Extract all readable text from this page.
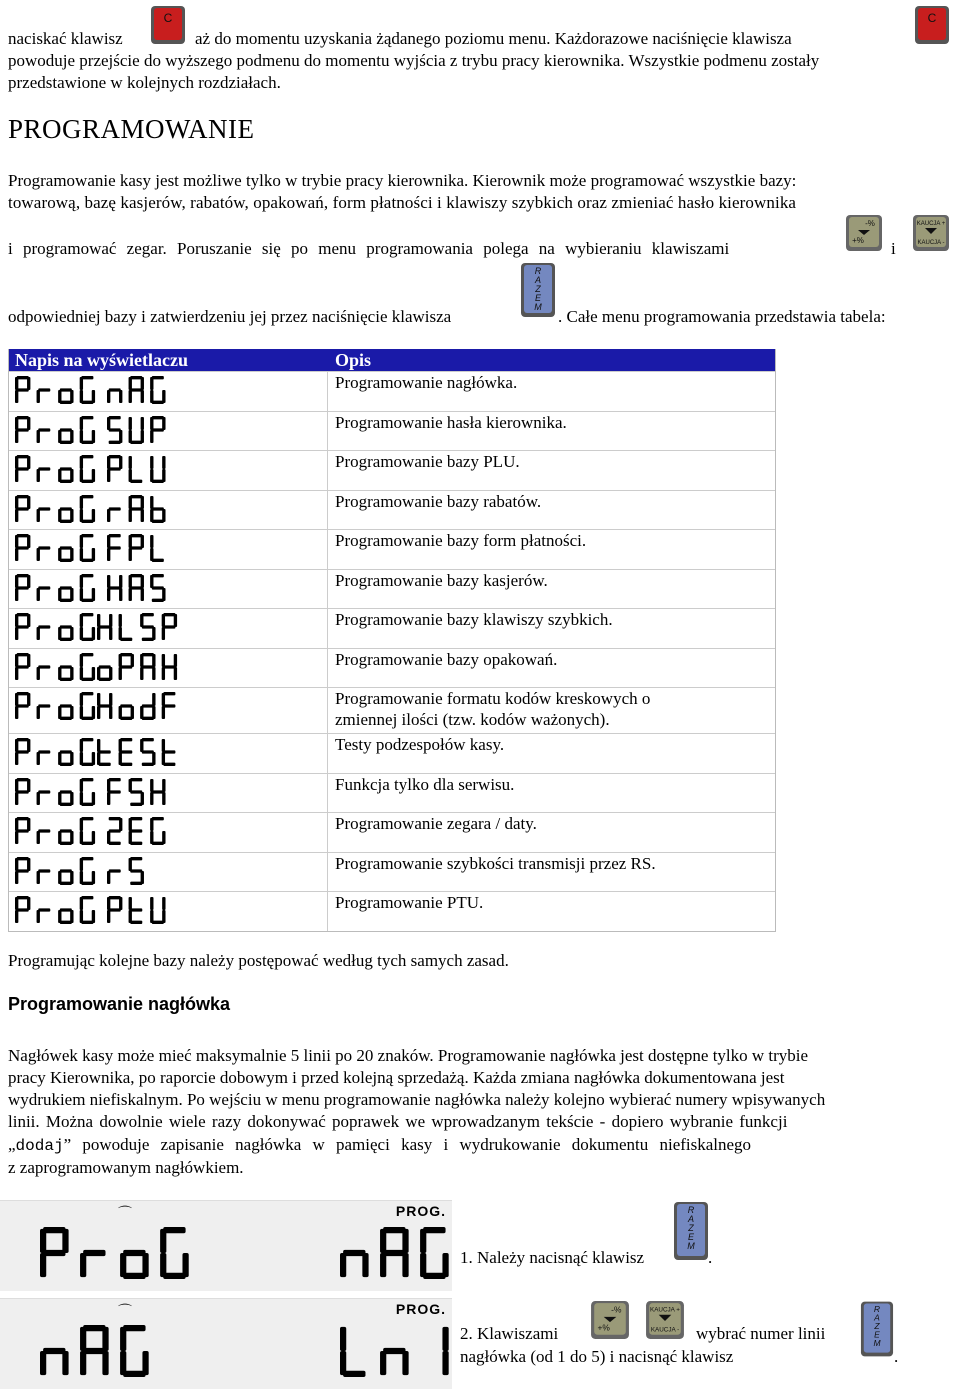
naciskać klawisz
C
aż do momentu uzyskania żądanego poziomu menu. Każdorazowe naciśnięcie klawisza
C
powoduje przejście do wyższego podmenu do momentu wyjścia z trybu pracy kierownika. Wszystkie podmenu zostały
przedstawione w kolejnych rozdziałach.
PROGRAMOWANIE
Programowanie kasy jest możliwe tylko w trybie pracy kierownika. Kierownik może programować wszystkie bazy:
towarową, bazę kasjerów, rabatów, opakowań, form płatności i klawiszy szybkich oraz zmieniać hasło kierownika
i programować zegar. Poruszanie się po menu programowania polega na wybieraniu klawiszami
-%
+% i
KAUCJA +
KAUCJA -
odpowiedniej bazy i zatwierdzeniu jej przez naciśnięcie klawisza
R
A
Z
E
M . Całe menu programowania przedstawia tabela:
Napis na wyświetlaczu	Opis
Programowanie nagłówka.
Programowanie hasła kierownika.
Programowanie bazy PLU.
Programowanie bazy rabatów.
Programowanie bazy form płatności.
Programowanie bazy kasjerów.
Programowanie bazy klawiszy szybkich.
Programowanie bazy opakowań.
Programowanie formatu kodów kreskowych o
zmiennej ilości (tzw. kodów ważonych).
Testy podzespołów kasy.
Funkcja tylko dla serwisu.
Programowanie zegara / daty.
Programowanie szybkości transmisji przez RS.
Programowanie PTU.
Programując kolejne bazy należy postępować według tych samych zasad.
Programowanie nagłówka
Nagłówek kasy może mieć maksymalnie 5 linii po 20 znaków. Programowanie nagłówka jest dostępne tylko w trybie
pracy Kierownika, po raporcie dobowym i przed kolejną sprzedażą. Każda zmiana nagłówka dokumentowana jest
wydrukiem niefiskalnym. Po wejściu w menu programowanie nagłówka należy kolejno wybierać numery wpisywanych
linii. Można dowolnie wiele razy dokonywać poprawek we wprowadzanym tekście - dopiero wybranie funkcji
„dodaj” powoduje zapisanie nagłówka w pamięci kasy i wydrukowanie dokumentu niefiskalnego
z zaprogramowanym nagłówkiem.
⌒	PROG.
⌒	PROG.
1. Należy nacisnąć klawisz
R
A
Z
E
M
.
2. Klawiszami
-%
+%
KAUCJA +
KAUCJA - wybrać numer linii
nagłówka (od 1 do 5) i nacisnąć klawisz
R
A
Z
E
M
.
